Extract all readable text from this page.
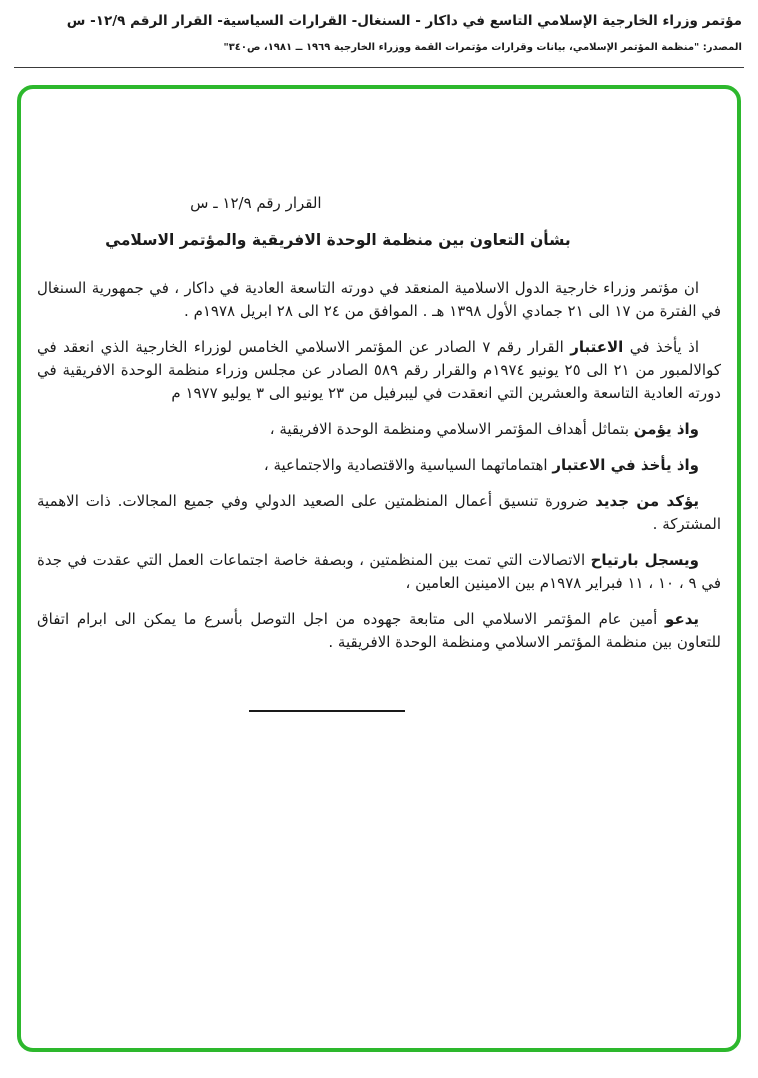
مؤتمر وزراء الخارجية الإسلامي التاسع في داكار - السنغال- القرارات السياسية- القرار الرقم ١٢/٩- س
المصدر: "منظمة المؤتمر الإسلامي، بيانات وقرارات مؤتمرات القمة ووزراء الخارجية ١٩٦٩ ــ ١٩٨١، ص٣٤٠"
القرار رقم ١٢/٩ ـ س
بشأن التعاون بين منظمة الوحدة الافريقية والمؤتمر الاسلامي

ان مؤتمر وزراء خارجية الدول الاسلامية المنعقد في دورته التاسعة العادية في داكار ، في جمهورية السنغال في الفترة من ١٧ الى ٢١ جمادي الأول ١٣٩٨ هـ . الموافق من ٢٤ الى ٢٨ ابريل ١٩٧٨م .

اذ يأخذ في الاعتبار القرار رقم ٧ الصادر عن المؤتمر الاسلامي الخامس لوزراء الخارجية الذي انعقد في كوالالمبور من ٢١ الى ٢٥ يونيو ١٩٧٤م والقرار رقم ٥٨٩ الصادر عن مجلس وزراء منظمة الوحدة الافريقية في دورته العادية التاسعة والعشرين التي انعقدت في ليبرفيل من ٢٣ يونيو الى ٣ يوليو ١٩٧٧ م

واذ يؤمن بتماثل أهداف المؤتمر الاسلامي ومنظمة الوحدة الافريقية ،

واذ يأخذ في الاعتبار اهتماماتهما السياسية والاقتصادية والاجتماعية ،

يؤكد من جديد ضرورة تنسيق أعمال المنظمتين على الصعيد الدولي وفي جميع المجالات. ذات الاهمية المشتركة .

ويسجل بارتياح الاتصالات التي تمت بين المنظمتين ، وبصفة خاصة اجتماعات العمل التي عقدت في جدة في ٩ ، ١٠ ، ١١ فبراير ١٩٧٨م بين الامينين العامين ،

يدعو أمين عام المؤتمر الاسلامي الى متابعة جهوده من اجل التوصل بأسرع ما يمكن الى ابرام اتفاق للتعاون بين منظمة المؤتمر الاسلامي ومنظمة الوحدة الافريقية .
